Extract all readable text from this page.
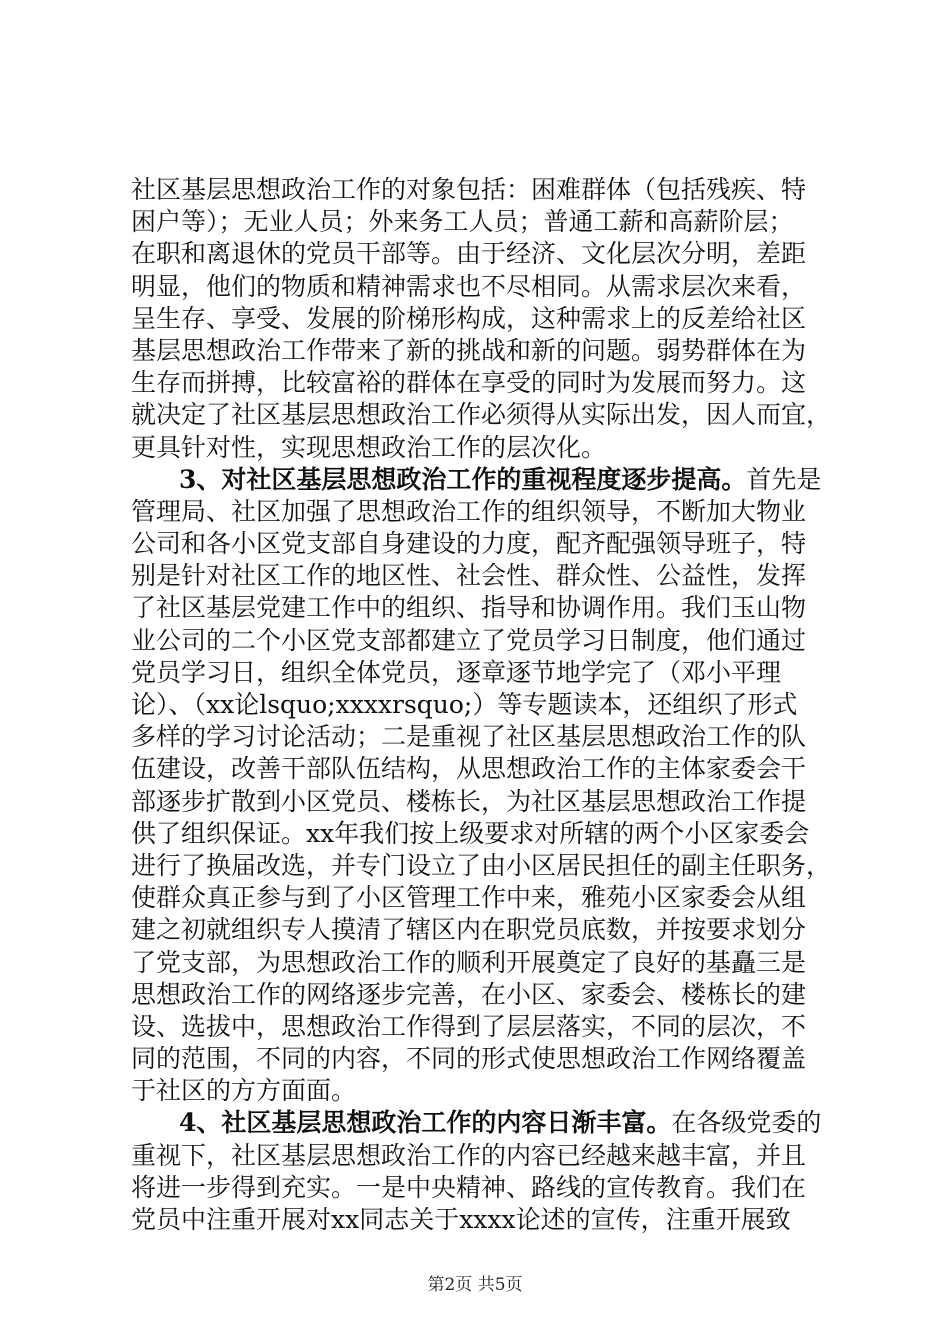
社区基层思想政治工作的对象包括：困难群体（包括残疾、特
困户等）；无业人员；外来务工人员；普通工薪和高薪阶层；
在职和离退休的党员干部等。由于经济、文化层次分明，差距
明显，他们的物质和精神需求也不尽相同。从需求层次来看，
呈生存、享受、发展的阶梯形构成，这种需求上的反差给社区
基层思想政治工作带来了新的挑战和新的问题。弱势群体在为
生存而拼搏，比较富裕的群体在享受的同时为发展而努力。这
就决定了社区基层思想政治工作必须得从实际出发，因人而宜，
更具针对性，实现思想政治工作的层次化。
3、对社区基层思想政治工作的重视程度逐步提高。首先是
管理局、社区加强了思想政治工作的组织领导，不断加大物业
公司和各小区党支部自身建设的力度，配齐配强领导班子，特
别是针对社区工作的地区性、社会性、群众性、公益性，发挥
了社区基层党建工作中的组织、指导和协调作用。我们玉山物
业公司的二个小区党支部都建立了党员学习日制度，他们通过
党员学习日，组织全体党员，逐章逐节地学完了（邓小平理
论）、（xx论lsquo;xxxxrsquo;）等专题读本，还组织了形式
多样的学习讨论活动；二是重视了社区基层思想政治工作的队
伍建设，改善干部队伍结构，从思想政治工作的主体家委会干
部逐步扩散到小区党员、楼栋长，为社区基层思想政治工作提
供了组织保证。xx年我们按上级要求对所辖的两个小区家委会
进行了换届改选，并专门设立了由小区居民担任的副主任职务，
使群众真正参与到了小区管理工作中来，雅苑小区家委会从组
建之初就组织专人摸清了辖区内在职党员底数，并按要求划分
了党支部，为思想政治工作的顺利开展奠定了良好的基矗三是
思想政治工作的网络逐步完善，在小区、家委会、楼栋长的建
设、选拔中，思想政治工作得到了层层落实，不同的层次，不
同的范围，不同的内容，不同的形式使思想政治工作网络覆盖
于社区的方方面面。
4、社区基层思想政治工作的内容日渐丰富。在各级党委的
重视下，社区基层思想政治工作的内容已经越来越丰富，并且
将进一步得到充实。一是中央精神、路线的宣传教育。我们在
党员中注重开展对xx同志关于xxxx论述的宣传，注重开展致
第2页 共5页
